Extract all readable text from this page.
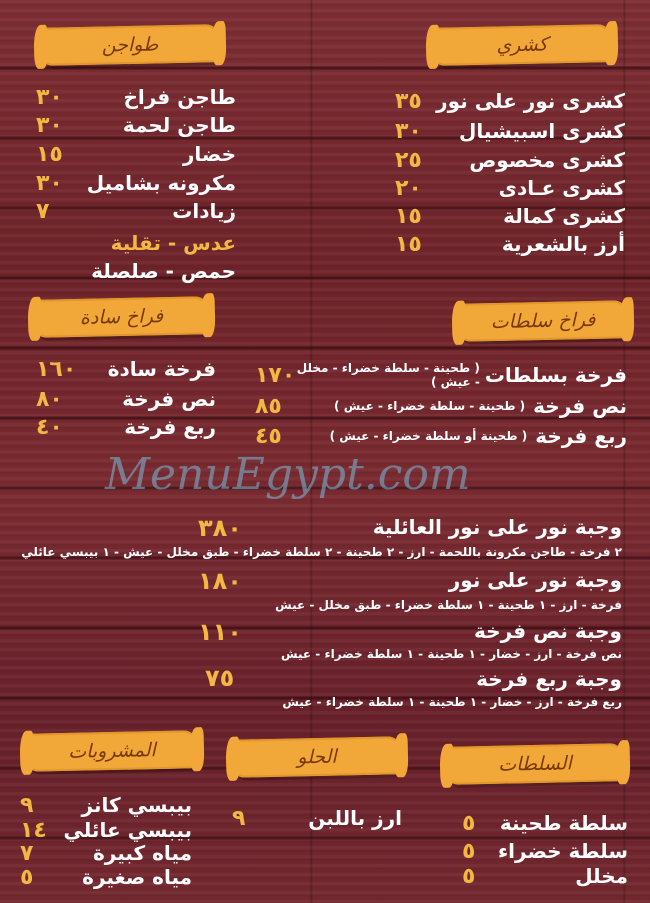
MenuEgypt.com
كشري
كشرى نور على نور
٣٥
كشرى اسبيشيال
٣٠
كشرى مخصوص
٢٥
كشرى عـادى
٢٠
كشرى كمالة
١٥
أرز بالشعرية
١٥
طواجن
طاجن فراخ
٣٠
طاجن لحمة
٣٠
خضار
١٥
مكرونه بشاميل
٣٠
زيادات
٧
عدس - تقلية
حمص - صلصلة
فراخ سلطات
فرخة بسلطات
( طحينة - سلطة خضراء - مخلل - عيش )
١٧٠
نص فرخة
( طحينة - سلطة خضراء - عيش )
٨٥
ربع فرخة
( طحينة أو سلطة خضراء - عيش )
٤٥
فراخ سادة
فرخة سادة
١٦٠
نص فرخة
٨٠
ربع فرخة
٤٠
وجبة نور على نور العائلية
٣٨٠
٢ فرخة - طاجن مكرونة باللحمة - ارز - ٢ طحينة - ٢ سلطة خضراء - طبق مخلل - عيش - ١ بيبسي عائلي
وجبة نور على نور
١٨٠
فرخة - ارز - ١ طحينة - ١ سلطة خضراء - طبق مخلل - عيش
وجبة نص فرخة
١١٠
نص فرخة - ارز - خضار - ١ طحينة - ١ سلطة خضراء - عيش
وجبة ربع فرخة
٧٥
ربع فرخة - ارز - خضار - ١ طحينة - ١ سلطة خضراء - عيش
السلطات
سلطة طحينة
٥
سلطة خضراء
٥
مخلل
٥
الحلو
ارز باللبن
٩
المشروبات
بيبسي كانز
٩
بيبسي عائلي
١٤
مياه كبيرة
٧
مياه صغيرة
٥
